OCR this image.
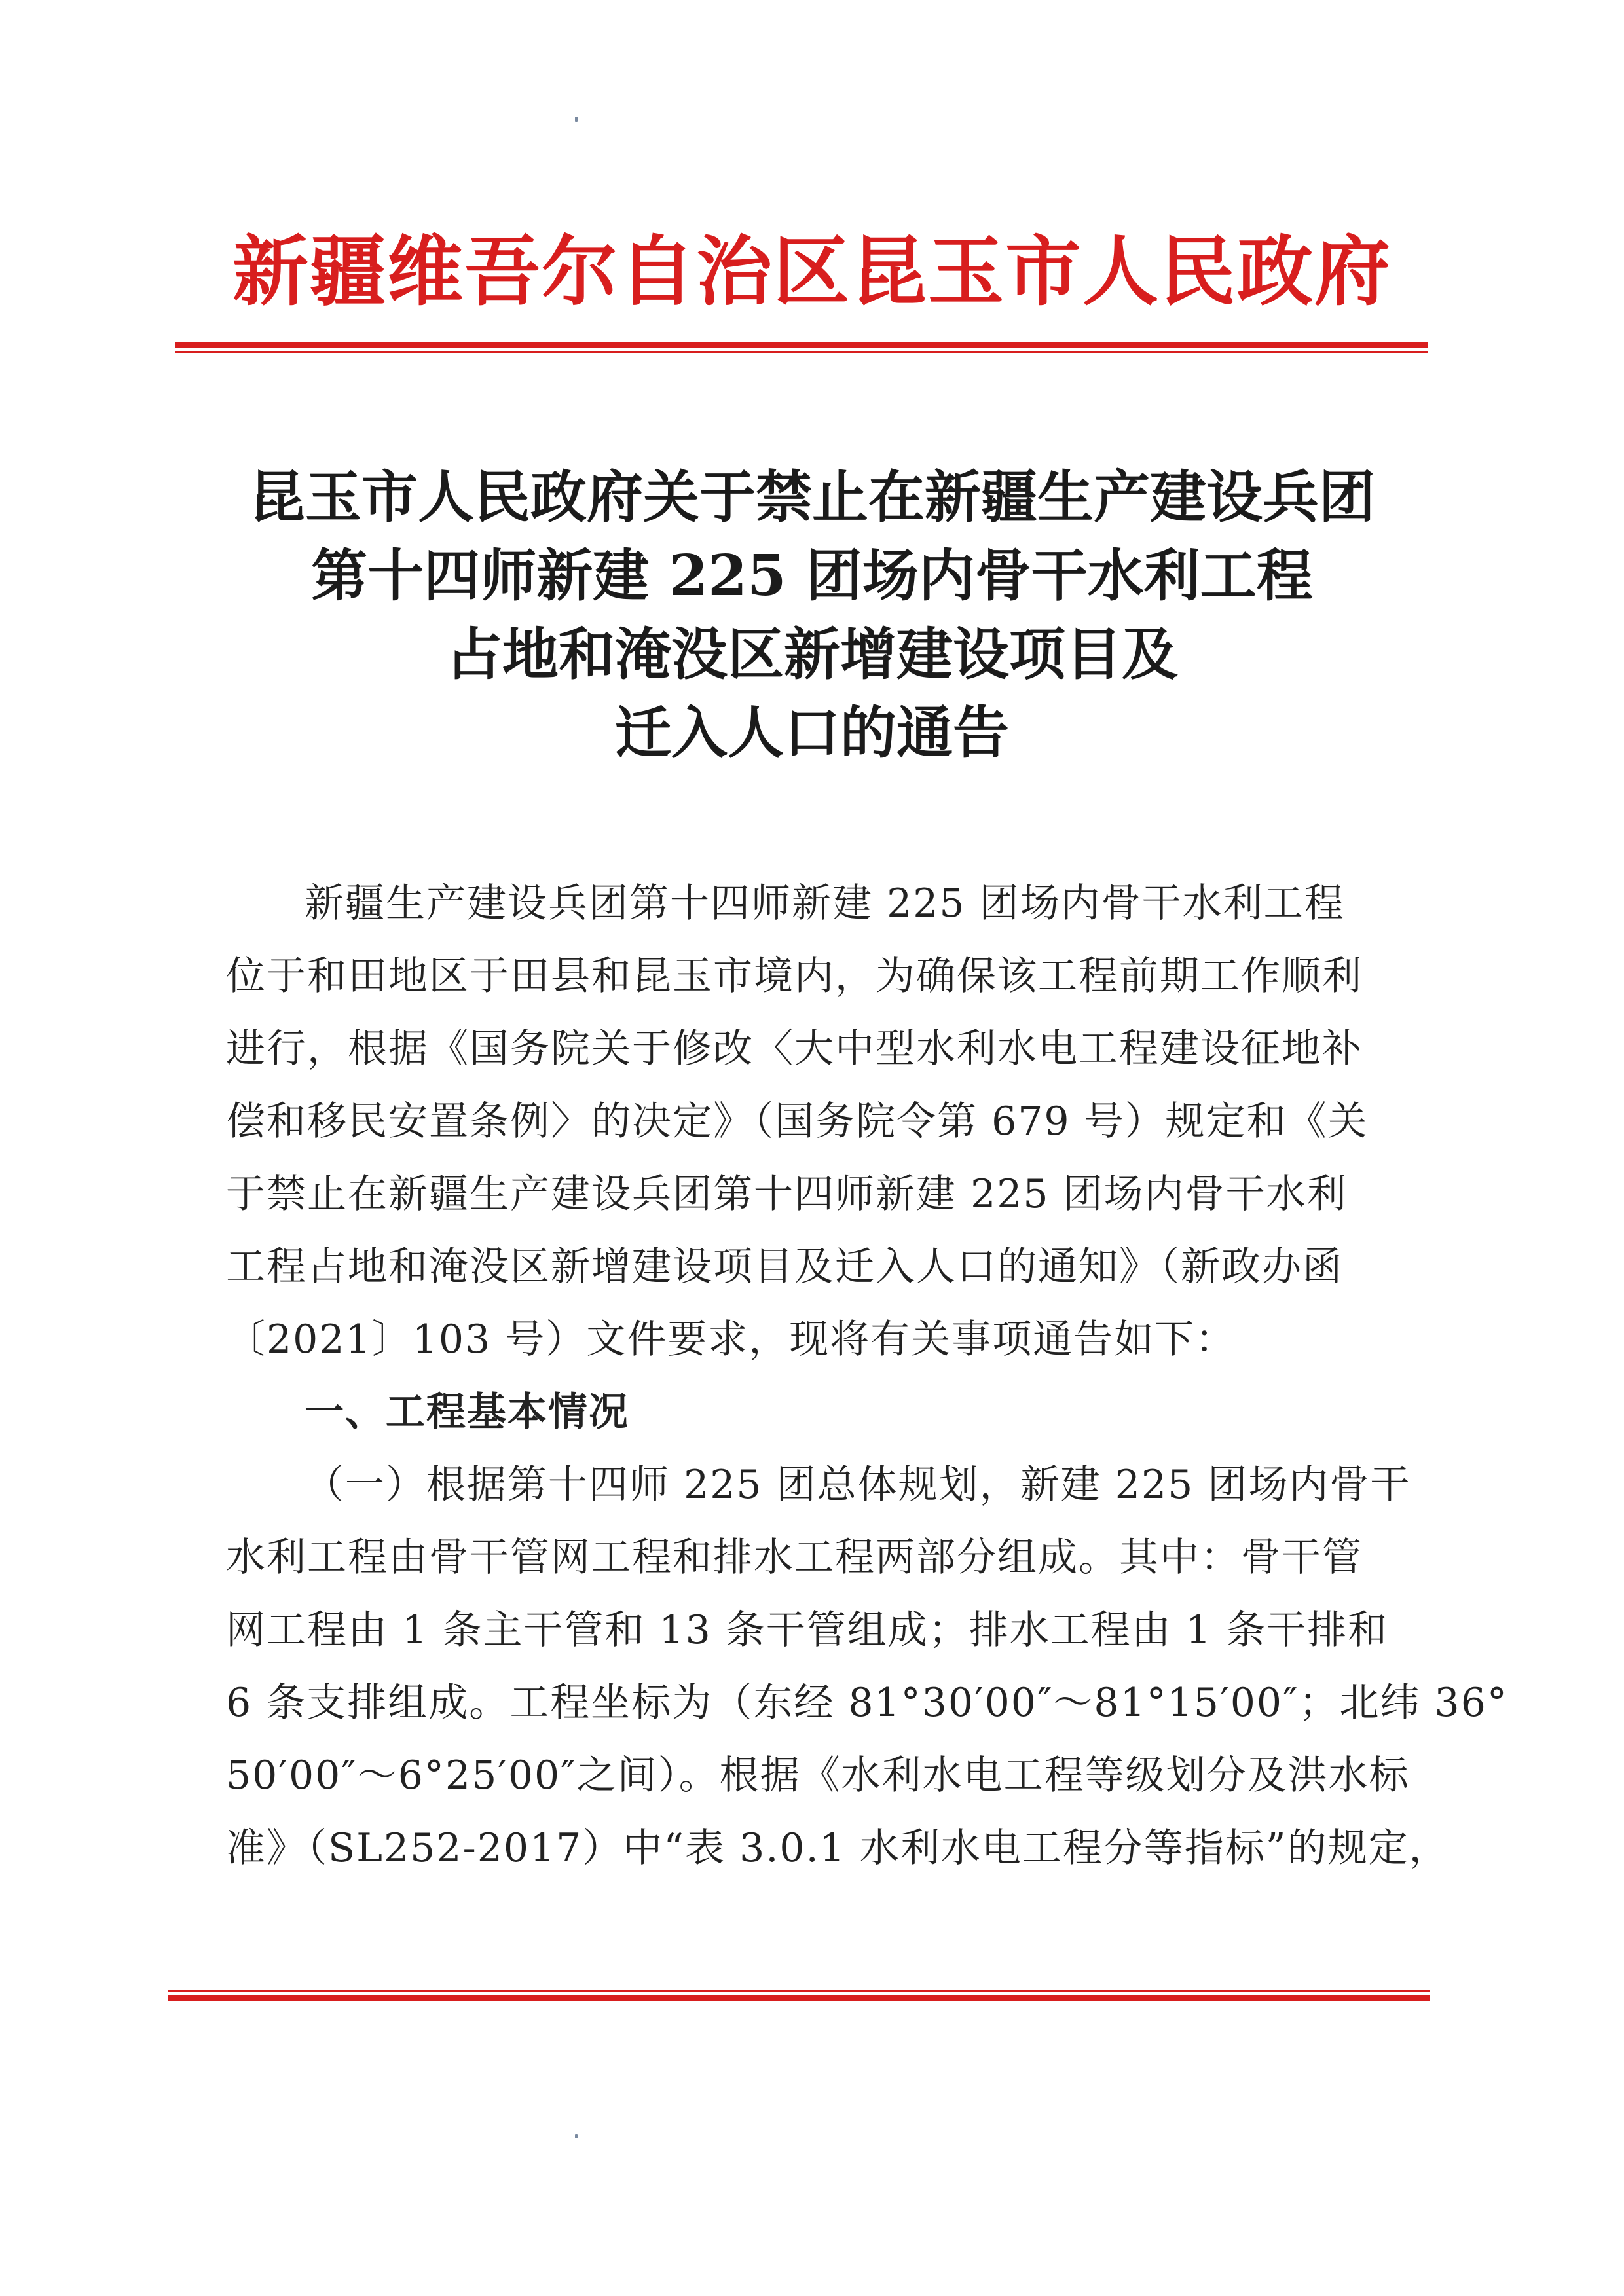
新疆维吾尔自治区昆玉市人民政府
昆玉市人民政府关于禁止在新疆生产建设兵团
第十四师新建 225 团场内骨干水利工程
占地和淹没区新增建设项目及
迁入人口的通告
新疆生产建设兵团第十四师新建 225 团场内骨干水利工程
位于和田地区于田县和昆玉市境内，为确保该工程前期工作顺利
进行，根据《国务院关于修改〈大中型水利水电工程建设征地补
偿和移民安置条例〉的决定》（国务院令第 679 号）规定和《关
于禁止在新疆生产建设兵团第十四师新建 225 团场内骨干水利
工程占地和淹没区新增建设项目及迁入人口的通知》（新政办函
〔2021〕103 号）文件要求，现将有关事项通告如下：
一、工程基本情况
（一）根据第十四师 225 团总体规划，新建 225 团场内骨干
水利工程由骨干管网工程和排水工程两部分组成。其中：骨干管
网工程由 1 条主干管和 13 条干管组成；排水工程由 1 条干排和
6 条支排组成。工程坐标为（东经 81°30′00″～81°15′00″；北纬 36°
50′00″～6°25′00″之间）。根据《水利水电工程等级划分及洪水标
准》（SL252-2017）中“表 3.0.1 水利水电工程分等指标”的规定，
